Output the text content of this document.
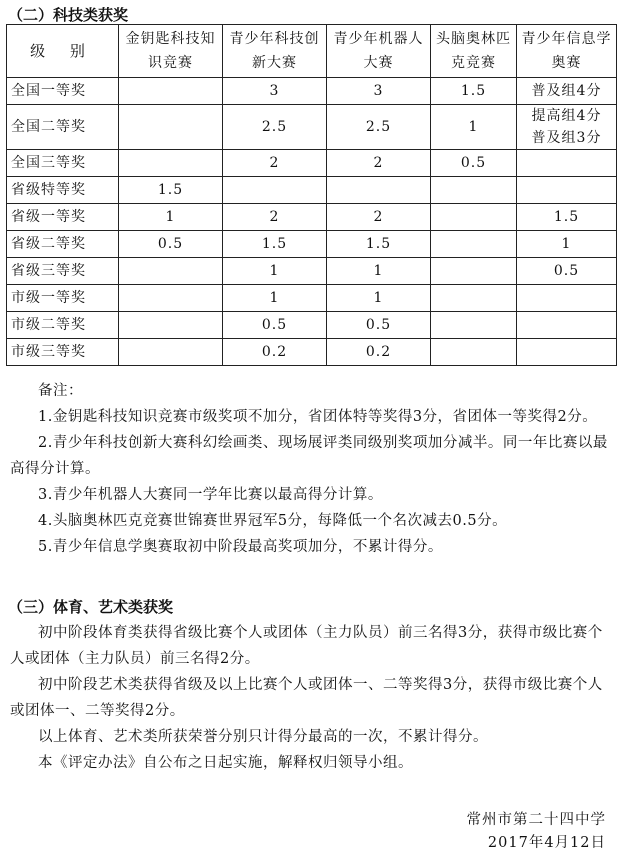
（二）科技类获奖
级 别	金钥匙科技知识竞赛	青少年科技创新大赛	青少年机器人大赛	头脑奥林匹克竞赛	青少年信息学奥赛
全国一等奖		3	3	1.5	普及组4分
全国二等奖		2.5	2.5	1	提高组4分
普及组3分
全国三等奖		2	2	0.5	
省级特等奖	1.5				
省级一等奖	1	2	2		1.5
省级二等奖	0.5	1.5	1.5		1
省级三等奖		1	1		0.5
市级一等奖		1	1		
市级二等奖		0.5	0.5		
市级三等奖		0.2	0.2		

备注：

1.金钥匙科技知识竞赛市级奖项不加分，省团体特等奖得3分，省团体一等奖得2分。

2.青少年科技创新大赛科幻绘画类、现场展评类同级别奖项加分减半。同一年比赛以最高得分计算。

3.青少年机器人大赛同一学年比赛以最高得分计算。

4.头脑奥林匹克竞赛世锦赛世界冠军5分，每降低一个名次减去0.5分。

5.青少年信息学奥赛取初中阶段最高奖项加分，不累计得分。

（三）体育、艺术类获奖

初中阶段体育类获得省级比赛个人或团体（主力队员）前三名得3分，获得市级比赛个人或团体（主力队员）前三名得2分。

初中阶段艺术类获得省级及以上比赛个人或团体一、二等奖得3分，获得市级比赛个人或团体一、二等奖得2分。

以上体育、艺术类所获荣誉分别只计得分最高的一次，不累计得分。

本《评定办法》自公布之日起实施，解释权归领导小组。

常州市第二十四中学
2017年4月12日
